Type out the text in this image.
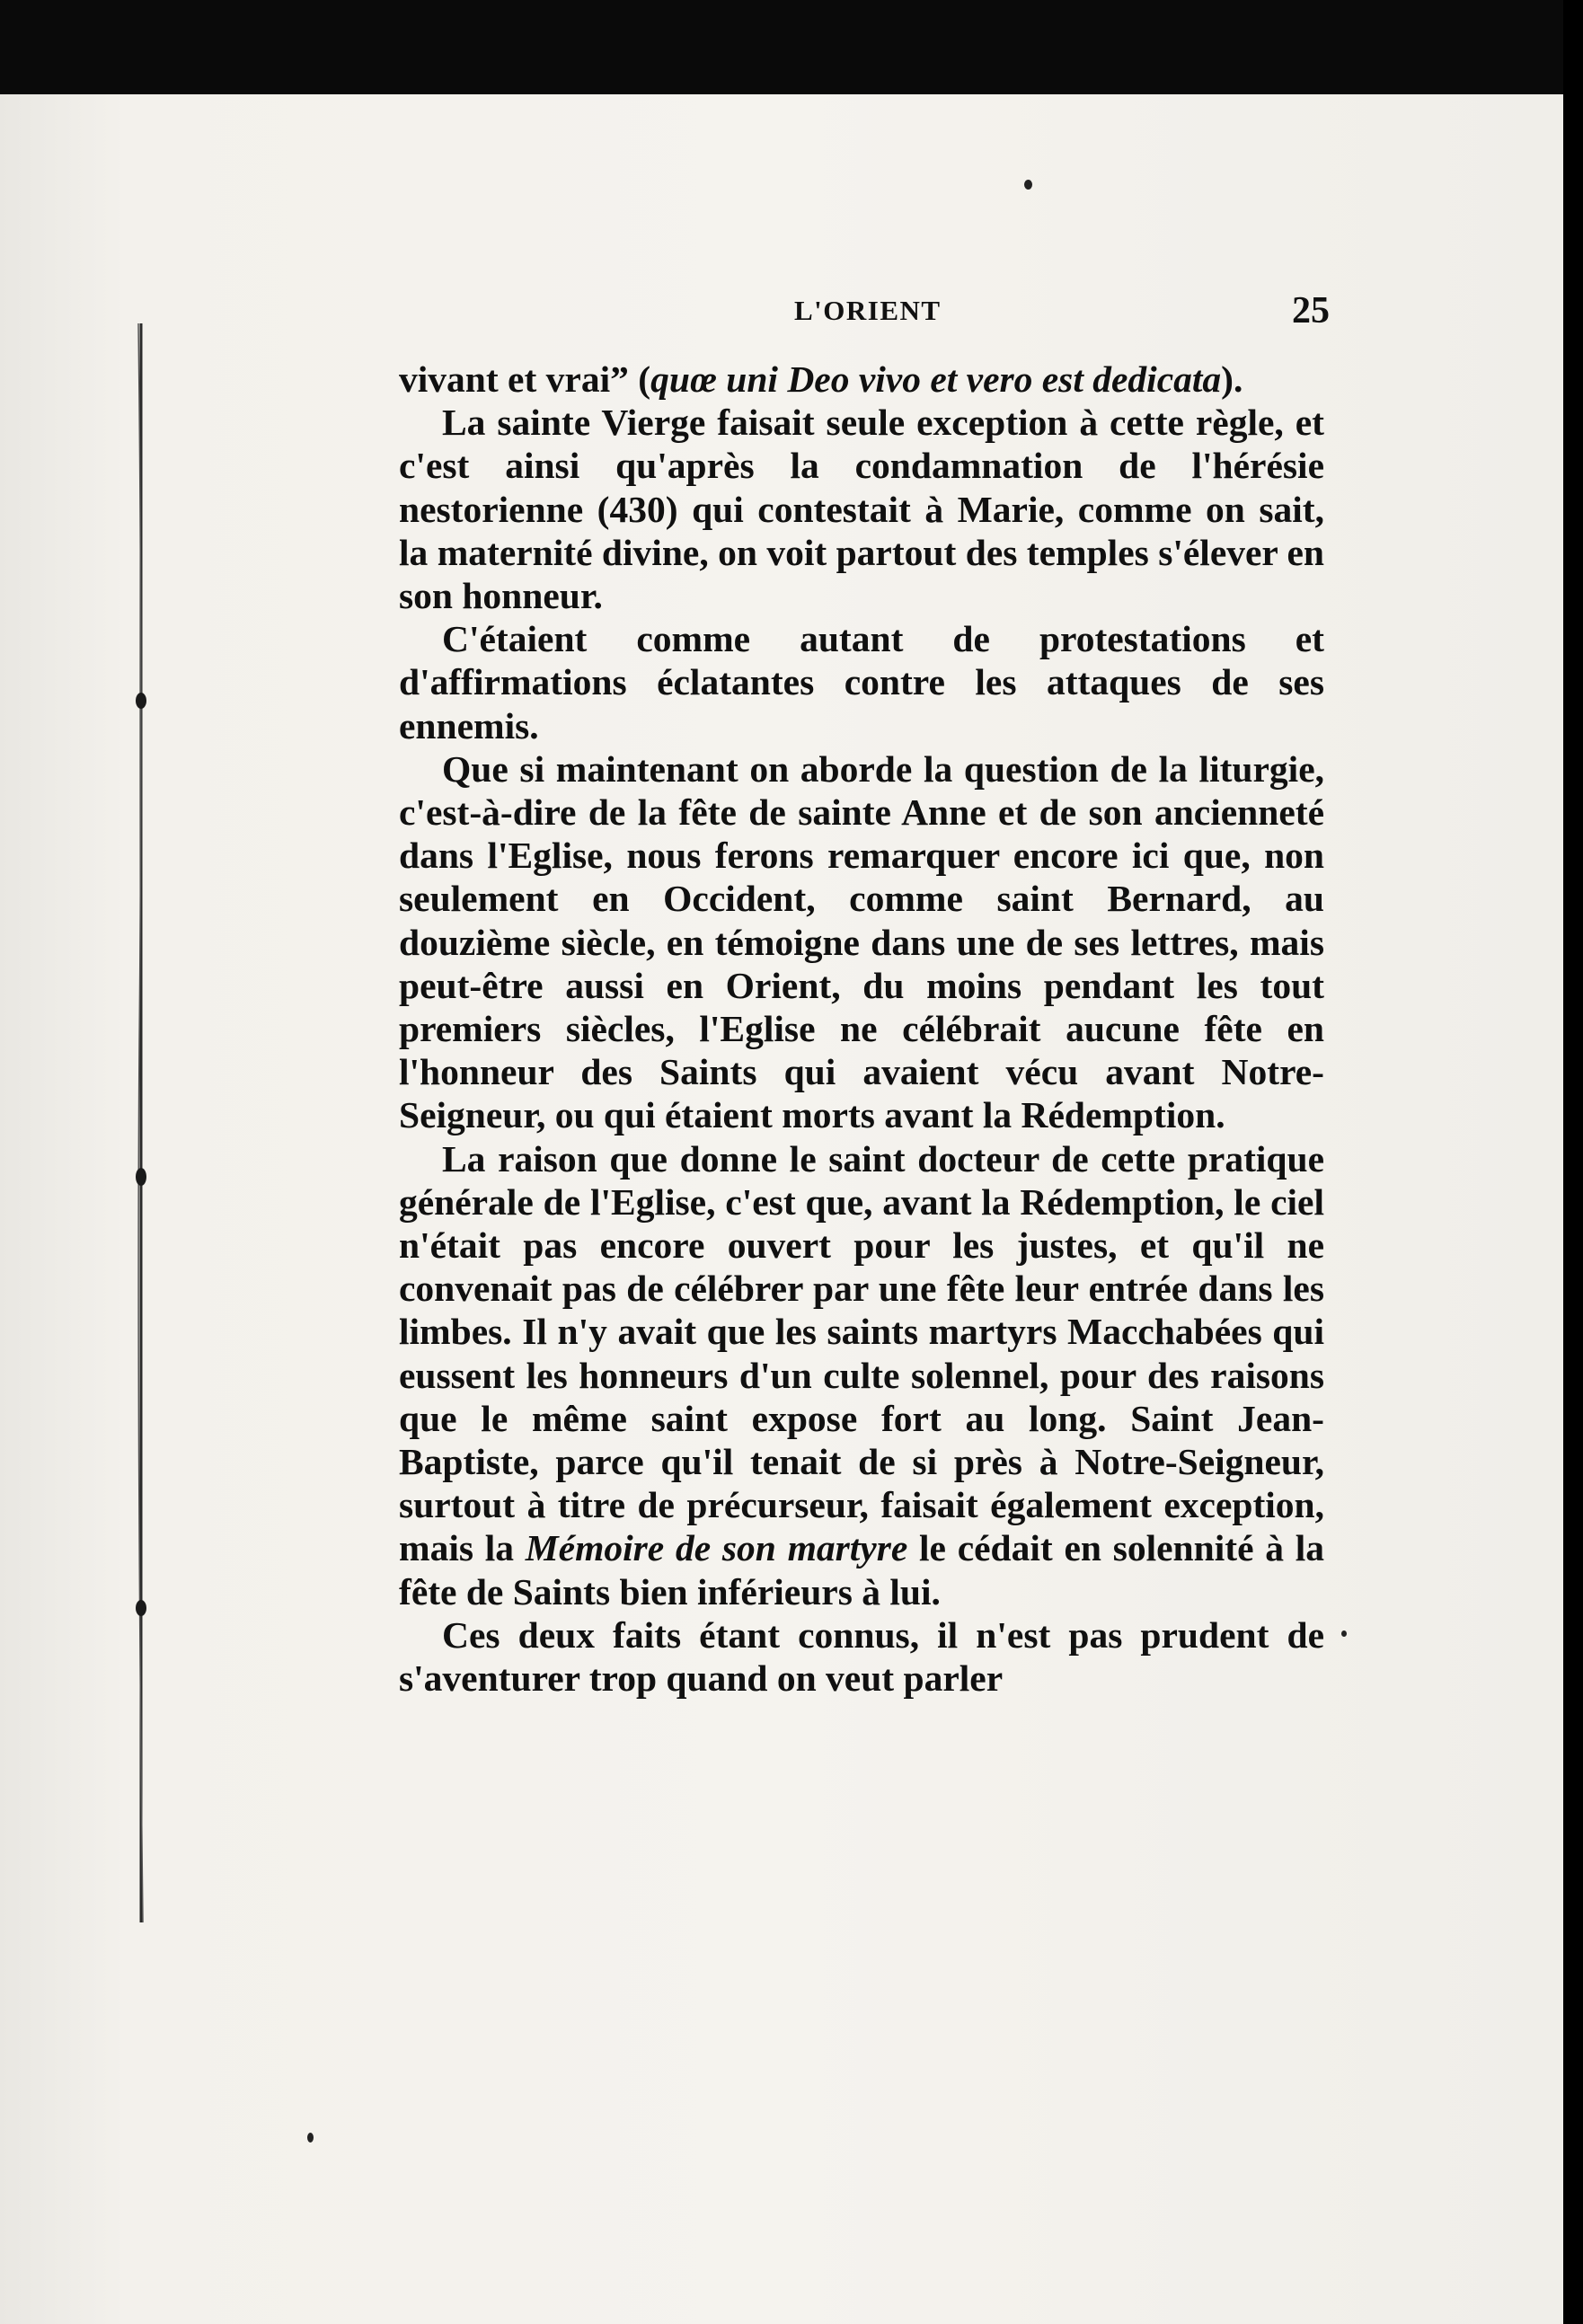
L'ORIENT	25

vivant et vrai” (quœ uni Deo vivo et vero est dedicata).

La sainte Vierge faisait seule exception à cette règle, et c'est ainsi qu'après la condamnation de l'hérésie nestorienne (430) qui contestait à Marie, comme on sait, la maternité divine, on voit partout des temples s'élever en son honneur.

C'étaient comme autant de protestations et d'affirmations éclatantes contre les attaques de ses ennemis.

Que si maintenant on aborde la question de la liturgie, c'est-à-dire de la fête de sainte Anne et de son ancienneté dans l'Eglise, nous ferons remarquer encore ici que, non seulement en Occident, comme saint Bernard, au douzième siècle, en témoigne dans une de ses lettres, mais peut-être aussi en Orient, du moins pendant les tout premiers siècles, l'Eglise ne célébrait aucune fête en l'honneur des Saints qui avaient vécu avant Notre-Seigneur, ou qui étaient morts avant la Rédemption.

La raison que donne le saint docteur de cette pratique générale de l'Eglise, c'est que, avant la Rédemption, le ciel n'était pas encore ouvert pour les justes, et qu'il ne convenait pas de célébrer par une fête leur entrée dans les limbes. Il n'y avait que les saints martyrs Macchabées qui eussent les honneurs d'un culte solennel, pour des raisons que le même saint expose fort au long. Saint Jean-Baptiste, parce qu'il tenait de si près à Notre-Seigneur, surtout à titre de précurseur, faisait également exception, mais la Mémoire de son martyre le cédait en solennité à la fête de Saints bien inférieurs à lui.

Ces deux faits étant connus, il n'est pas prudent de s'aventurer trop quand on veut parler
